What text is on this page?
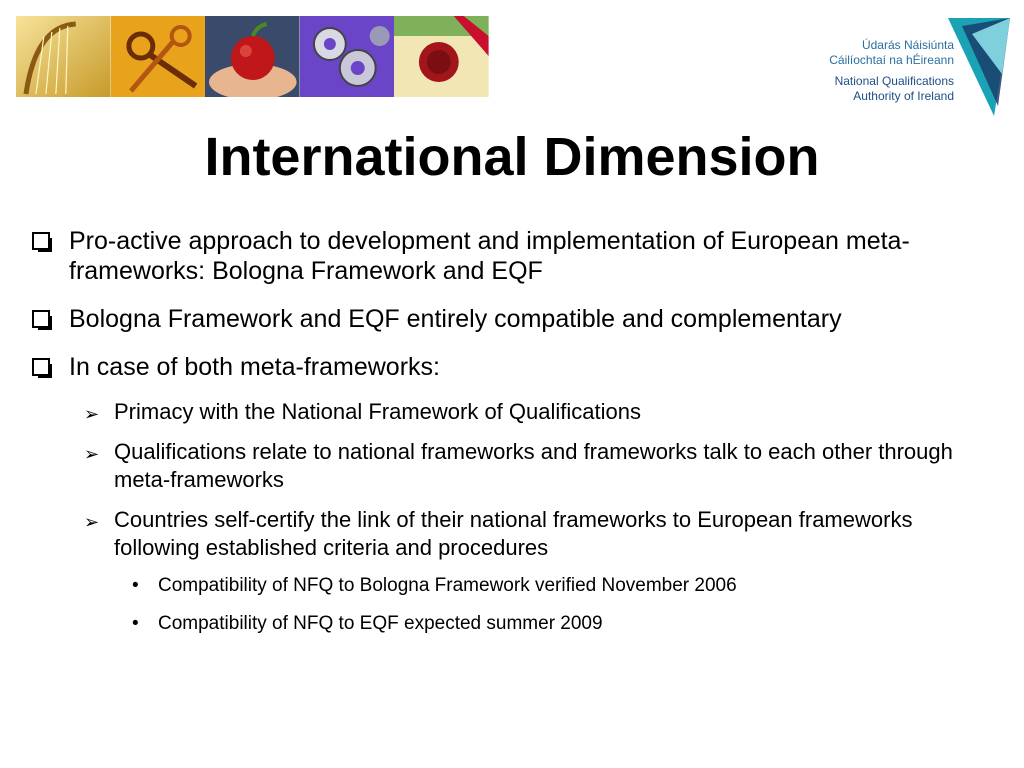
Údarás Náisiúnta
Cáilíochtaí na hÉireann
National Qualifications
Authority of Ireland
International Dimension
Pro-active approach to development and implementation of European meta-frameworks: Bologna Framework and EQF
Bologna Framework and EQF entirely compatible and complementary
In case of both meta-frameworks:
➢ Primacy with the National Framework of Qualifications
➢ Qualifications relate to national frameworks and frameworks talk to each other through meta-frameworks
➢ Countries self-certify the link of their national frameworks to European frameworks following established criteria and procedures
• Compatibility of NFQ to Bologna Framework verified November 2006
• Compatibility of NFQ to EQF expected summer 2009
